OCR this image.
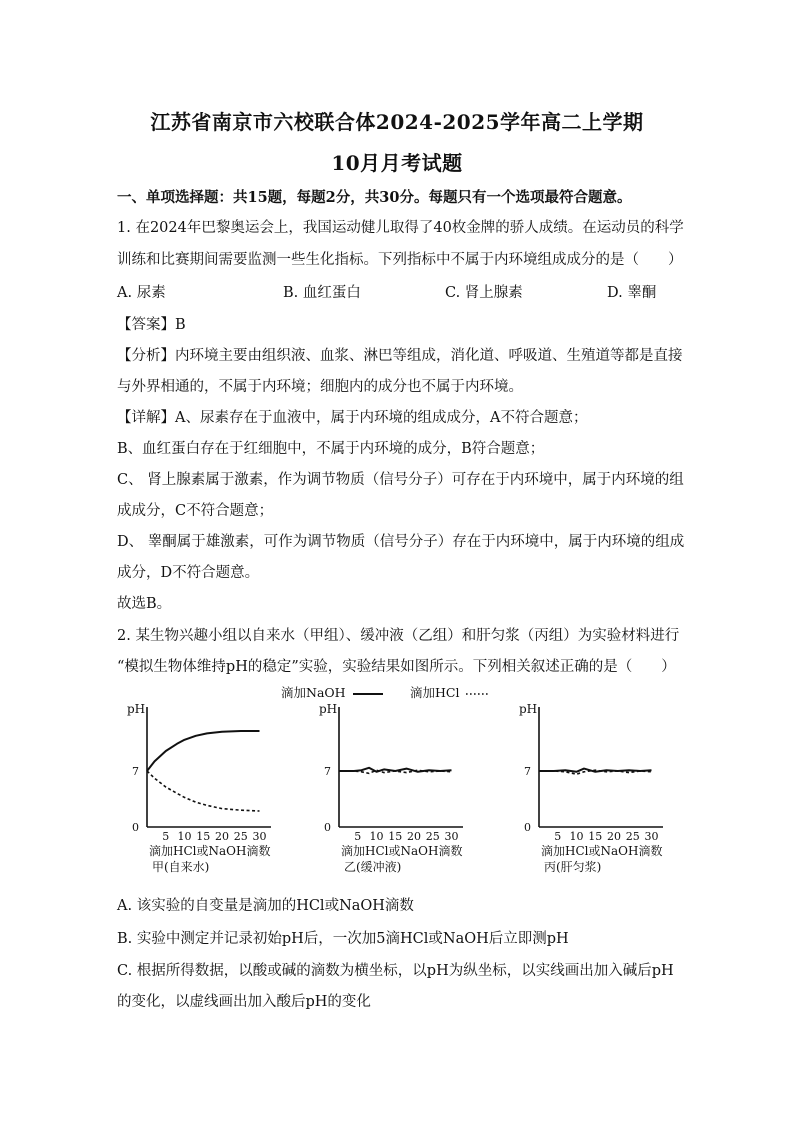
江苏省南京市六校联合体2024-2025学年高二上学期
10月月考试题
一、单项选择题：共15题，每题2分，共30分。每题只有一个选项最符合题意。
1. 在2024年巴黎奥运会上，我国运动健儿取得了40枚金牌的骄人成绩。在运动员的科学
训练和比赛期间需要监测一些生化指标。下列指标中不属于内环境组成成分的是（　　）
A. 尿素	B. 血红蛋白	C. 肾上腺素	D. 睾酮
【答案】B
【分析】内环境主要由组织液、血浆、淋巴等组成，消化道、呼吸道、生殖道等都是直接
与外界相通的，不属于内环境；细胞内的成分也不属于内环境。
【详解】A、尿素存在于血液中，属于内环境的组成成分，A不符合题意；
B、血红蛋白存在于红细胞中，不属于内环境的成分，B符合题意；
C、 肾上腺素属于激素，作为调节物质（信号分子）可存在于内环境中，属于内环境的组
成成分，C不符合题意；
D、 睾酮属于雄激素，可作为调节物质（信号分子）存在于内环境中，属于内环境的组成
成分，D不符合题意。
故选B。
2. 某生物兴趣小组以自来水（甲组）、缓冲液（乙组）和肝匀浆（丙组）为实验材料进行
“模拟生物体维持pH的稳定”实验，实验结果如图所示。下列相关叙述正确的是（　　）
滴加NaOH	滴加HCl
pH
0
7
5 10 15 20 25 30
滴加HCl或NaOH滴数
甲(自来水)
pH
0
7
5 10 15 20 25 30
滴加HCl或NaOH滴数
乙(缓冲液)
pH
0
7
5 10 15 20 25 30
滴加HCl或NaOH滴数
丙(肝匀浆)
A. 该实验的自变量是滴加的HCl或NaOH滴数
B. 实验中测定并记录初始pH后，一次加5滴HCl或NaOH后立即测pH
C. 根据所得数据，以酸或碱的滴数为横坐标，以pH为纵坐标，以实线画出加入碱后pH
的变化，以虚线画出加入酸后pH的变化
